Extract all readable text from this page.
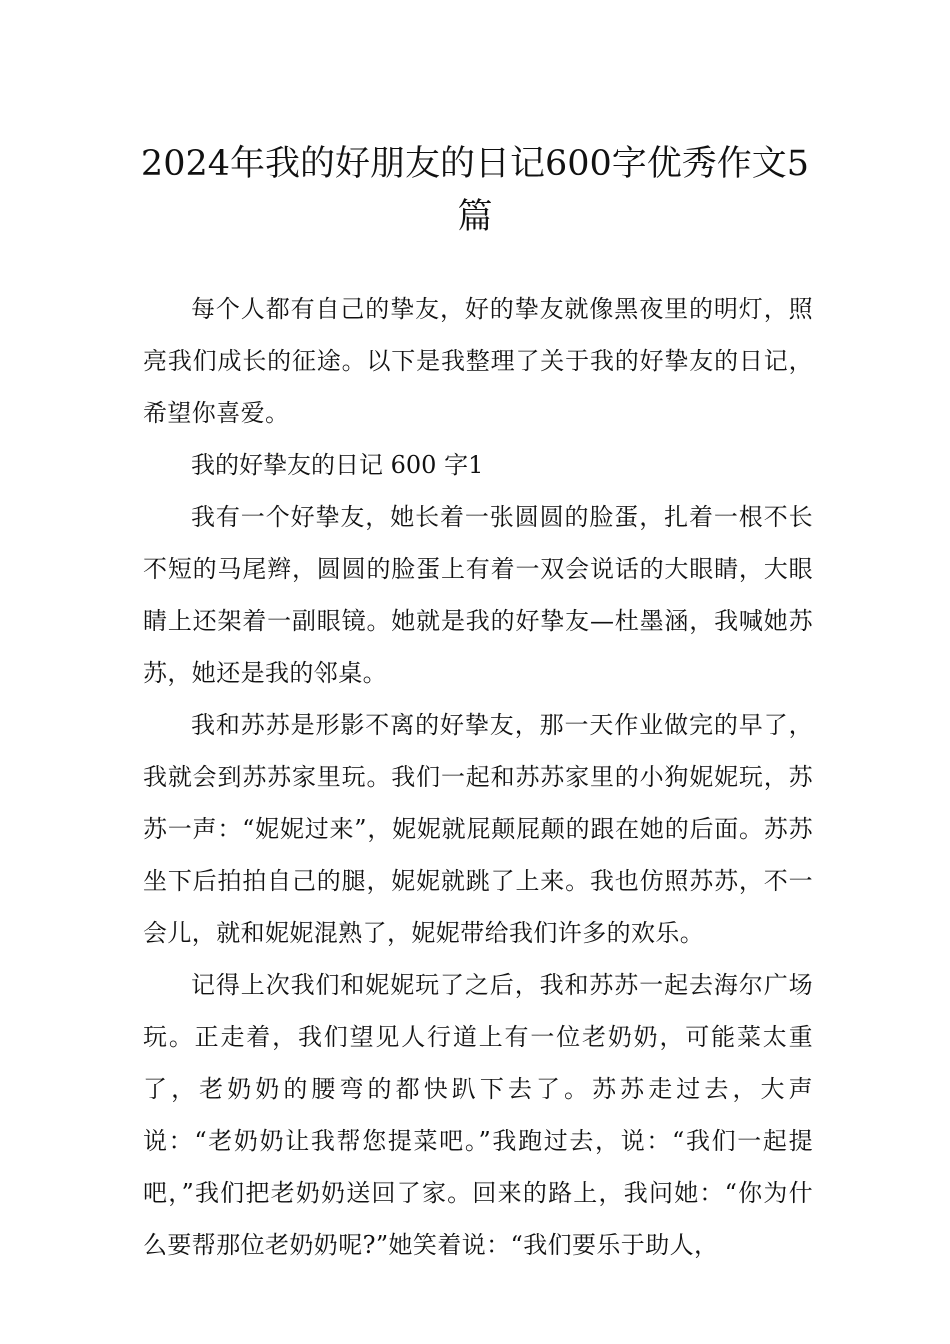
2024年我的好朋友的日记600字优秀作文5篇

每个人都有自己的挚友，好的挚友就像黑夜里的明灯，照亮我们成长的征途。以下是我整理了关于我的好挚友的日记，希望你喜爱。

我的好挚友的日记 600 字1

我有一个好挚友，她长着一张圆圆的脸蛋，扎着一根不长不短的马尾辫，圆圆的脸蛋上有着一双会说话的大眼睛，大眼睛上还架着一副眼镜。她就是我的好挚友—杜墨涵，我喊她苏苏，她还是我的邻桌。

我和苏苏是形影不离的好挚友，那一天作业做完的早了，我就会到苏苏家里玩。我们一起和苏苏家里的小狗妮妮玩，苏苏一声：“妮妮过来”，妮妮就屁颠屁颠的跟在她的后面。苏苏坐下后拍拍自己的腿，妮妮就跳了上来。我也仿照苏苏，不一会儿，就和妮妮混熟了，妮妮带给我们许多的欢乐。

记得上次我们和妮妮玩了之后，我和苏苏一起去海尔广场玩。正走着，我们望见人行道上有一位老奶奶，可能菜太重了，老奶奶的腰弯的都快趴下去了。苏苏走过去，大声说：“老奶奶让我帮您提菜吧。”我跑过去，说：“我们一起提吧，”我们把老奶奶送回了家。回来的路上，我问她：“你为什么要帮那位老奶奶呢?”她笑着说：“我们要乐于助人，
